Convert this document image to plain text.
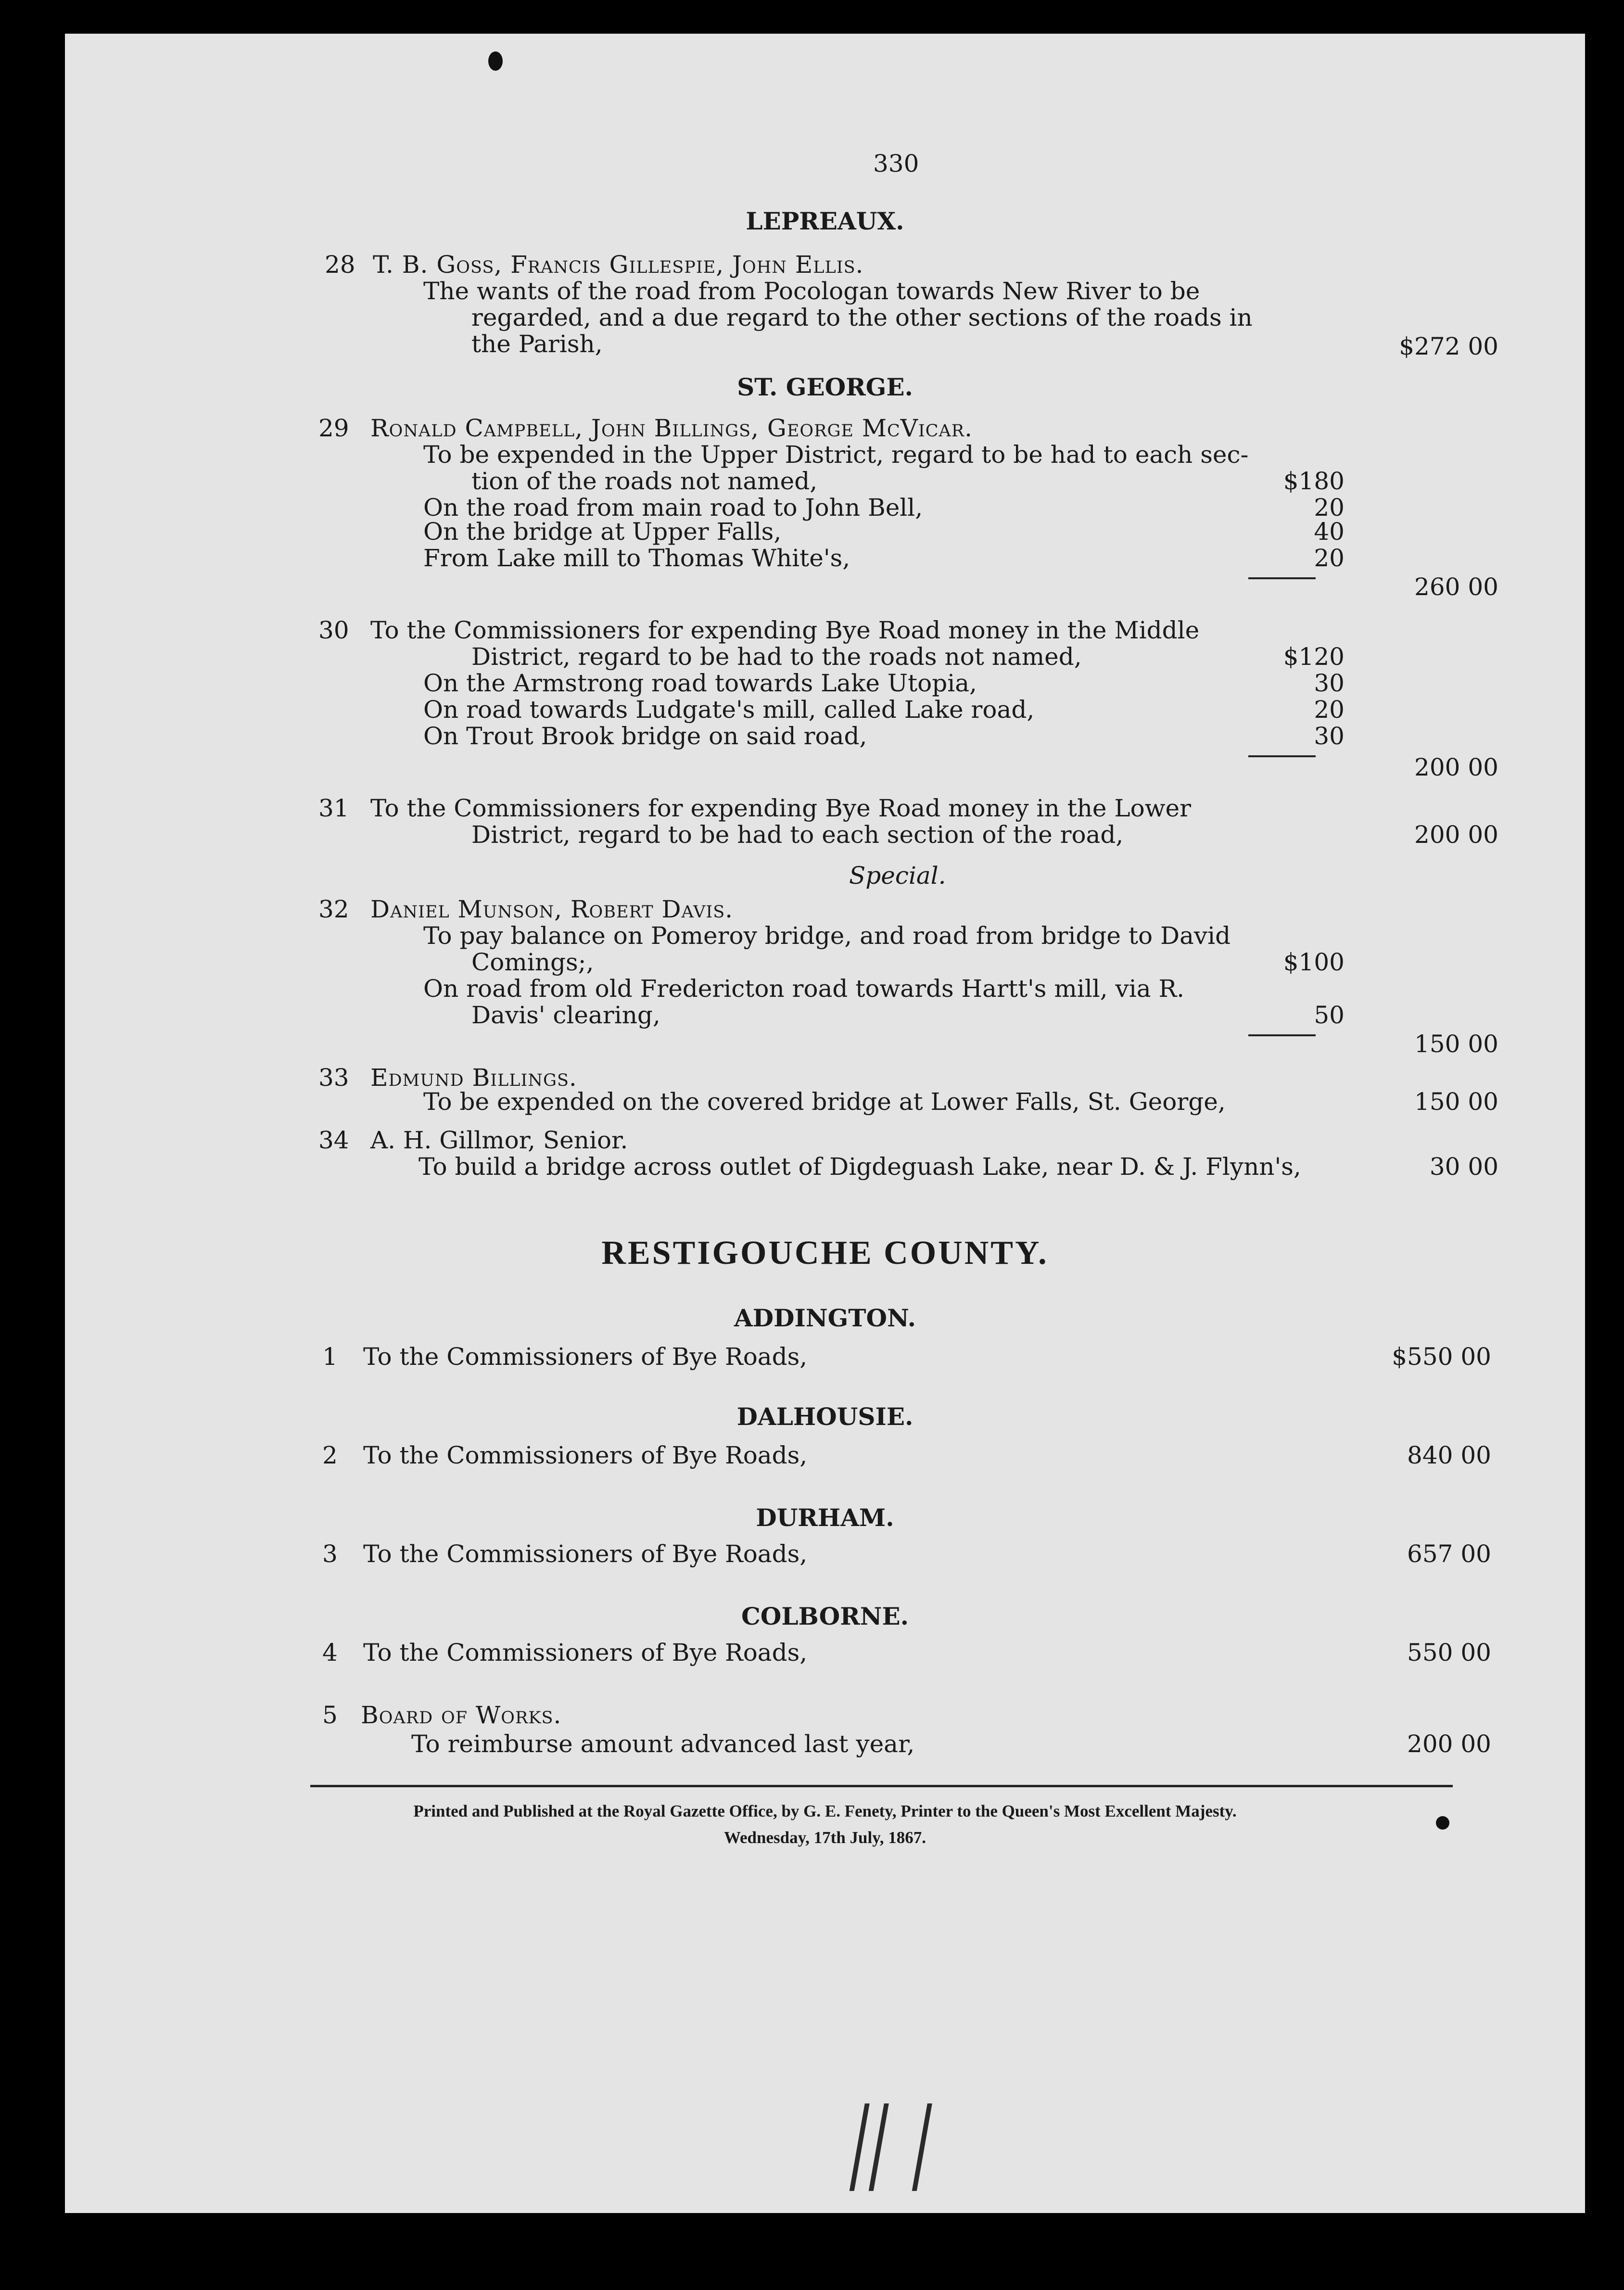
330
LEPREAUX.
28 T. B. Goss, Francis Gillespie, John Ellis.
The wants of the road from Pocologan towards New River to be
regarded, and a due regard to the other sections of the roads in
the Parish,	$272 00
ST. GEORGE.
29 Ronald Campbell, John Billings, George McVicar.
To be expended in the Upper District, regard to be had to each sec-
tion of the roads not named,	$180
On the road from main road to John Bell,	20
On the bridge at Upper Falls,	40
From Lake mill to Thomas White's,	20
260 00
30 To the Commissioners for expending Bye Road money in the Middle
District, regard to be had to the roads not named,	$120
On the Armstrong road towards Lake Utopia,	30
On road towards Ludgate's mill, called Lake road,	20
On Trout Brook bridge on said road,	30
200 00
31 To the Commissioners for expending Bye Road money in the Lower
District, regard to be had to each section of the road,	200 00
Special.
32 Daniel Munson, Robert Davis.
To pay balance on Pomeroy bridge, and road from bridge to David
Comings;,	$100
On road from old Fredericton road towards Hartt's mill, via R.
Davis' clearing,	50
150 00
33 Edmund Billings.
To be expended on the covered bridge at Lower Falls, St. George,	150 00
34 A. H. Gillmor, Senior.
To build a bridge across outlet of Digdeguash Lake, near D. & J. Flynn's,	30 00
RESTIGOUCHE COUNTY.
ADDINGTON.
1 To the Commissioners of Bye Roads,	$550 00
DALHOUSIE.
2 To the Commissioners of Bye Roads,	840 00
DURHAM.
3 To the Commissioners of Bye Roads,	657 00
COLBORNE.
4 To the Commissioners of Bye Roads,	550 00
5 Board of Works.
To reimburse amount advanced last year,	200 00
Printed and Published at the Royal Gazette Office, by G. E. Fenety, Printer to the Queen's Most Excellent Majesty.
Wednesday, 17th July, 1867.
|| |
